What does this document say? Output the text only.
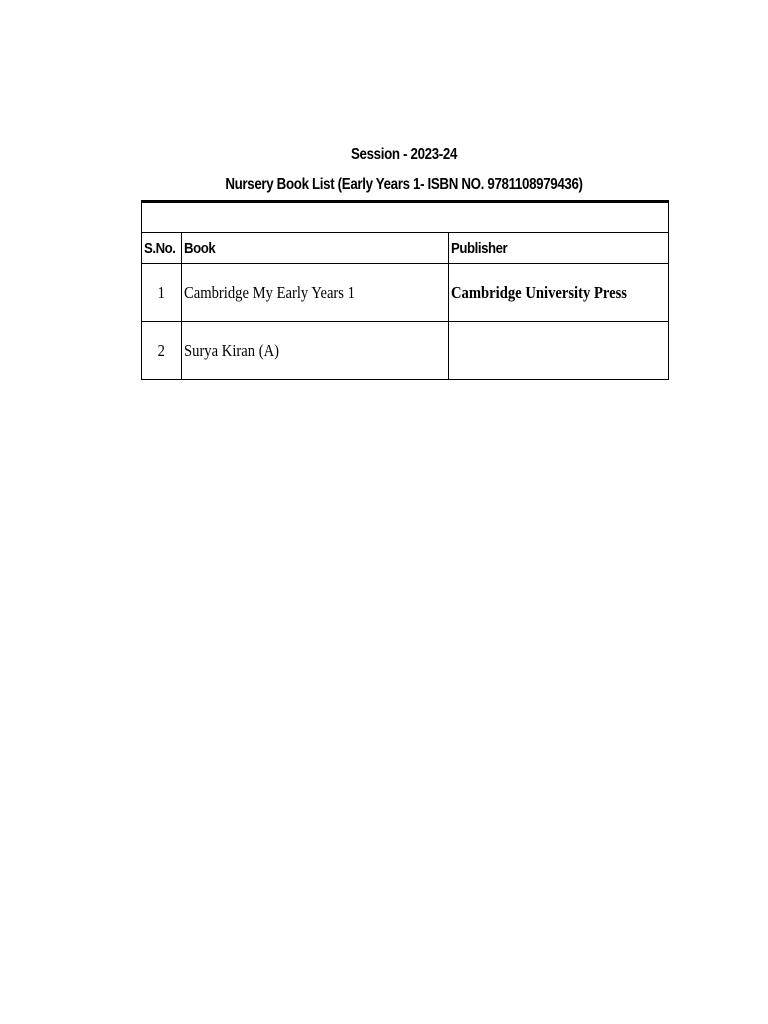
Session - 2023-24
Nursery Book List (Early Years 1- ISBN NO. 9781108979436)

S.No.	Book	Publisher
1	Cambridge My Early Years 1	Cambridge University Press
2	Surya Kiran (A)	
